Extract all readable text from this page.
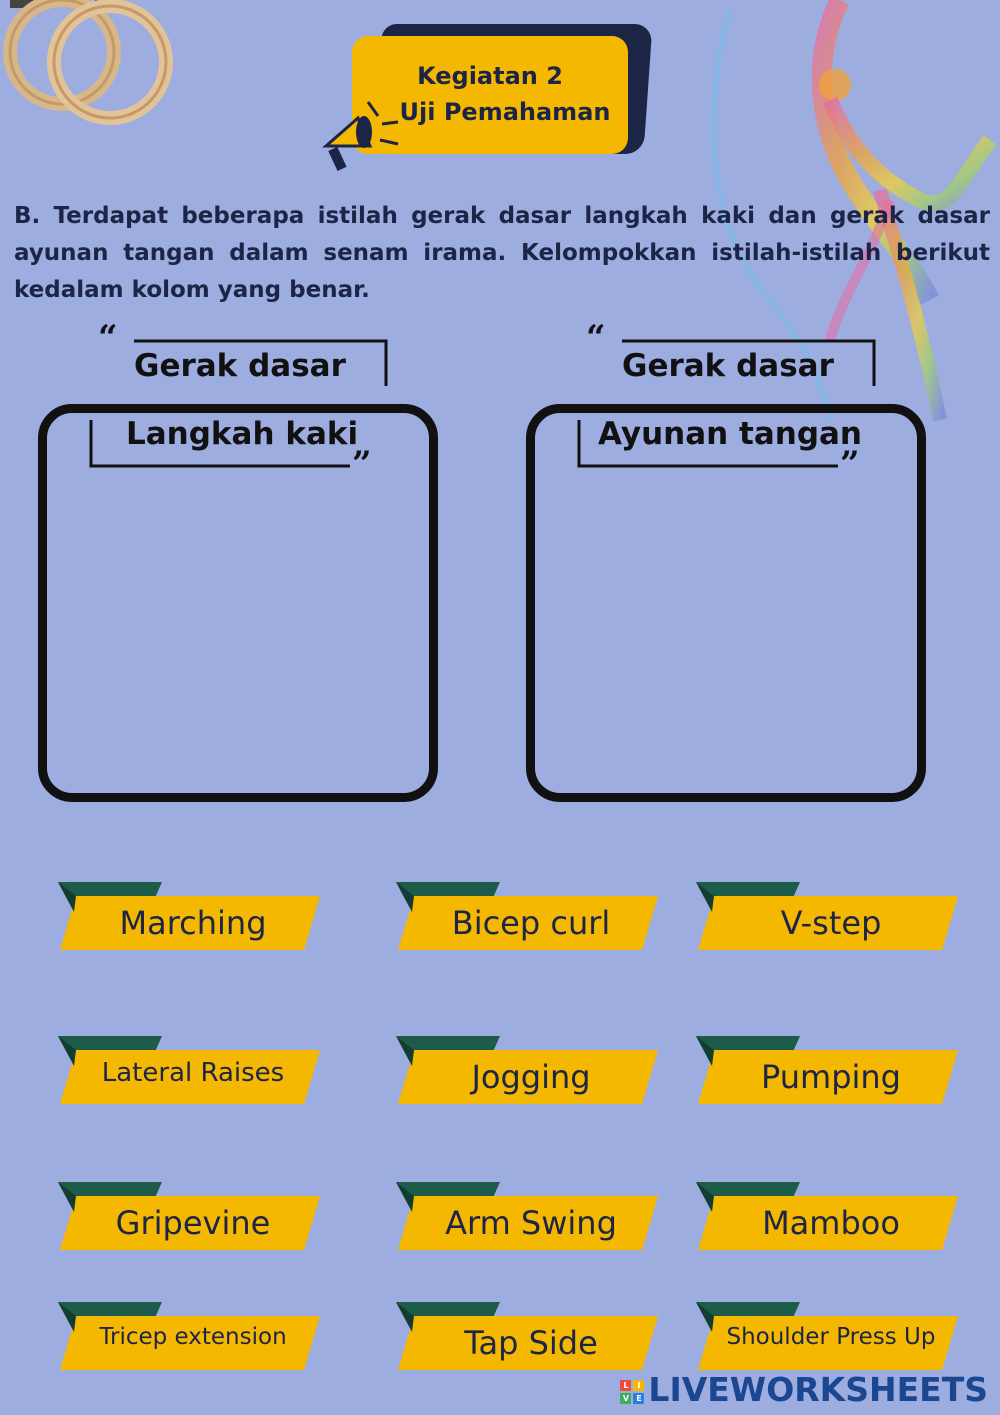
Kegiatan 2
Uji Pemahaman
B. Terdapat beberapa istilah gerak dasar langkah kaki dan gerak dasar ayunan tangan dalam senam irama. Kelompokkan istilah-istilah berikut kedalam kolom yang benar.
“
Gerak dasar
Langkah kaki
”
“
Gerak dasar
Ayunan tangan
”
Marching	Bicep curl	V-step
Lateral Raises	Jogging	Pumping
Gripevine	Arm Swing	Mamboo
Tricep extension	Tap Side	Shoulder Press Up
L	I
V E LIVEWORKSHEETS
